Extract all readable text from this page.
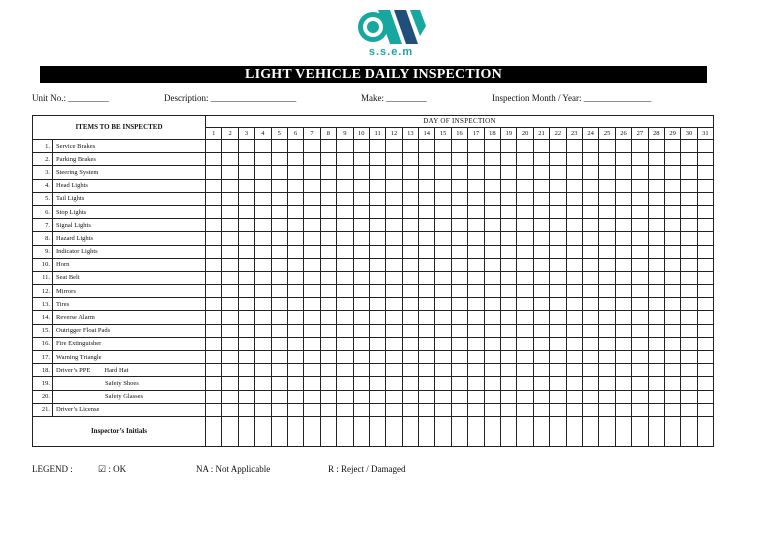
s.s.e.m
LIGHT VEHICLE DAILY INSPECTION
Unit No.: _________	Description: ___________________	Make: _________	Inspection Month / Year: _______________
ITEMS TO BE INSPECTED		DAY OF INSPECTION																														
		1	2	3	4	5	6	7	8	9	10	11	12	13	14	15	16	17	18	19	20	21	22	23	24	25	26	27	28	29	30	31
1.	Service Brakes																															
2.	Parking Brakes																															
3.	Steering System																															
4.	Head Lights																															
5.	Tail Lights																															
6.	Stop Lights																															
7.	Signal Lights																															
8.	Hazard Lights																															
9.	Indicator Lights																															
10.	Horn																															
11.	Seat Belt																															
12.	Mirrors																															
13.	Tires																															
14.	Reverse Alarm																															
15.	Outrigger Float Pads																															
16.	Fire Extinguisher																															
17.	Warning Triangle																															
18.	Driver’s PPE Hard Hat																															
19.	Safety Shoes																															
20.	Safety Glasses																															
21.	Driver’s License																															
Inspector’s Initials																																
LEGEND :	☑ : OK	NA : Not Applicable	R : Reject / Damaged
